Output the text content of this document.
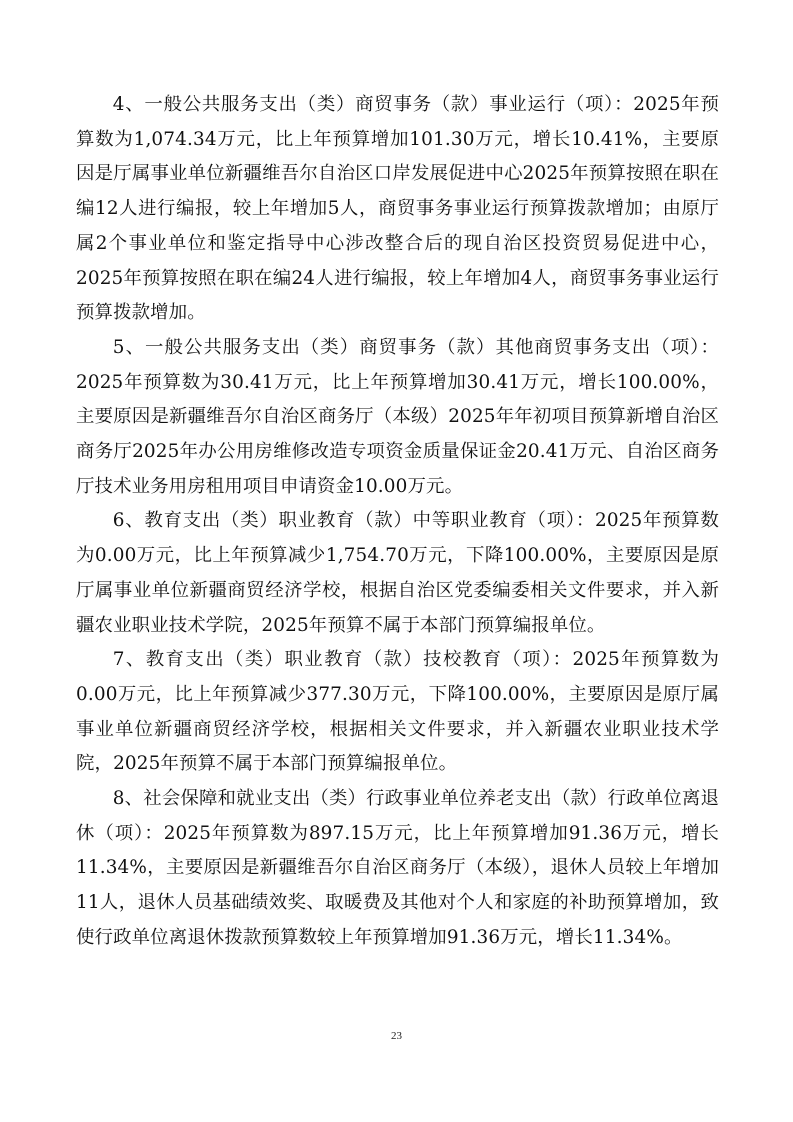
4、一般公共服务支出（类）商贸事务（款）事业运行（项）：2025年预算数为1,074.34万元，比上年预算增加101.30万元，增长10.41%，主要原因是厅属事业单位新疆维吾尔自治区口岸发展促进中心2025年预算按照在职在编12人进行编报，较上年增加5人，商贸事务事业运行预算拨款增加；由原厅属2个事业单位和鉴定指导中心涉改整合后的现自治区投资贸易促进中心，2025年预算按照在职在编24人进行编报，较上年增加4人，商贸事务事业运行预算拨款增加。

5、一般公共服务支出（类）商贸事务（款）其他商贸事务支出（项）：2025年预算数为30.41万元，比上年预算增加30.41万元，增长100.00%，主要原因是新疆维吾尔自治区商务厅（本级）2025年年初项目预算新增自治区商务厅2025年办公用房维修改造专项资金质量保证金20.41万元、自治区商务厅技术业务用房租用项目申请资金10.00万元。

6、教育支出（类）职业教育（款）中等职业教育（项）：2025年预算数为0.00万元，比上年预算减少1,754.70万元，下降100.00%，主要原因是原厅属事业单位新疆商贸经济学校，根据自治区党委编委相关文件要求，并入新疆农业职业技术学院，2025年预算不属于本部门预算编报单位。

7、教育支出（类）职业教育（款）技校教育（项）：2025年预算数为0.00万元，比上年预算减少377.30万元，下降100.00%，主要原因是原厅属事业单位新疆商贸经济学校，根据相关文件要求，并入新疆农业职业技术学院，2025年预算不属于本部门预算编报单位。

8、社会保障和就业支出（类）行政事业单位养老支出（款）行政单位离退休（项）：2025年预算数为897.15万元，比上年预算增加91.36万元，增长11.34%，主要原因是新疆维吾尔自治区商务厅（本级），退休人员较上年增加11人，退休人员基础绩效奖、取暖费及其他对个人和家庭的补助预算增加，致使行政单位离退休拨款预算数较上年预算增加91.36万元，增长11.34%。

23
